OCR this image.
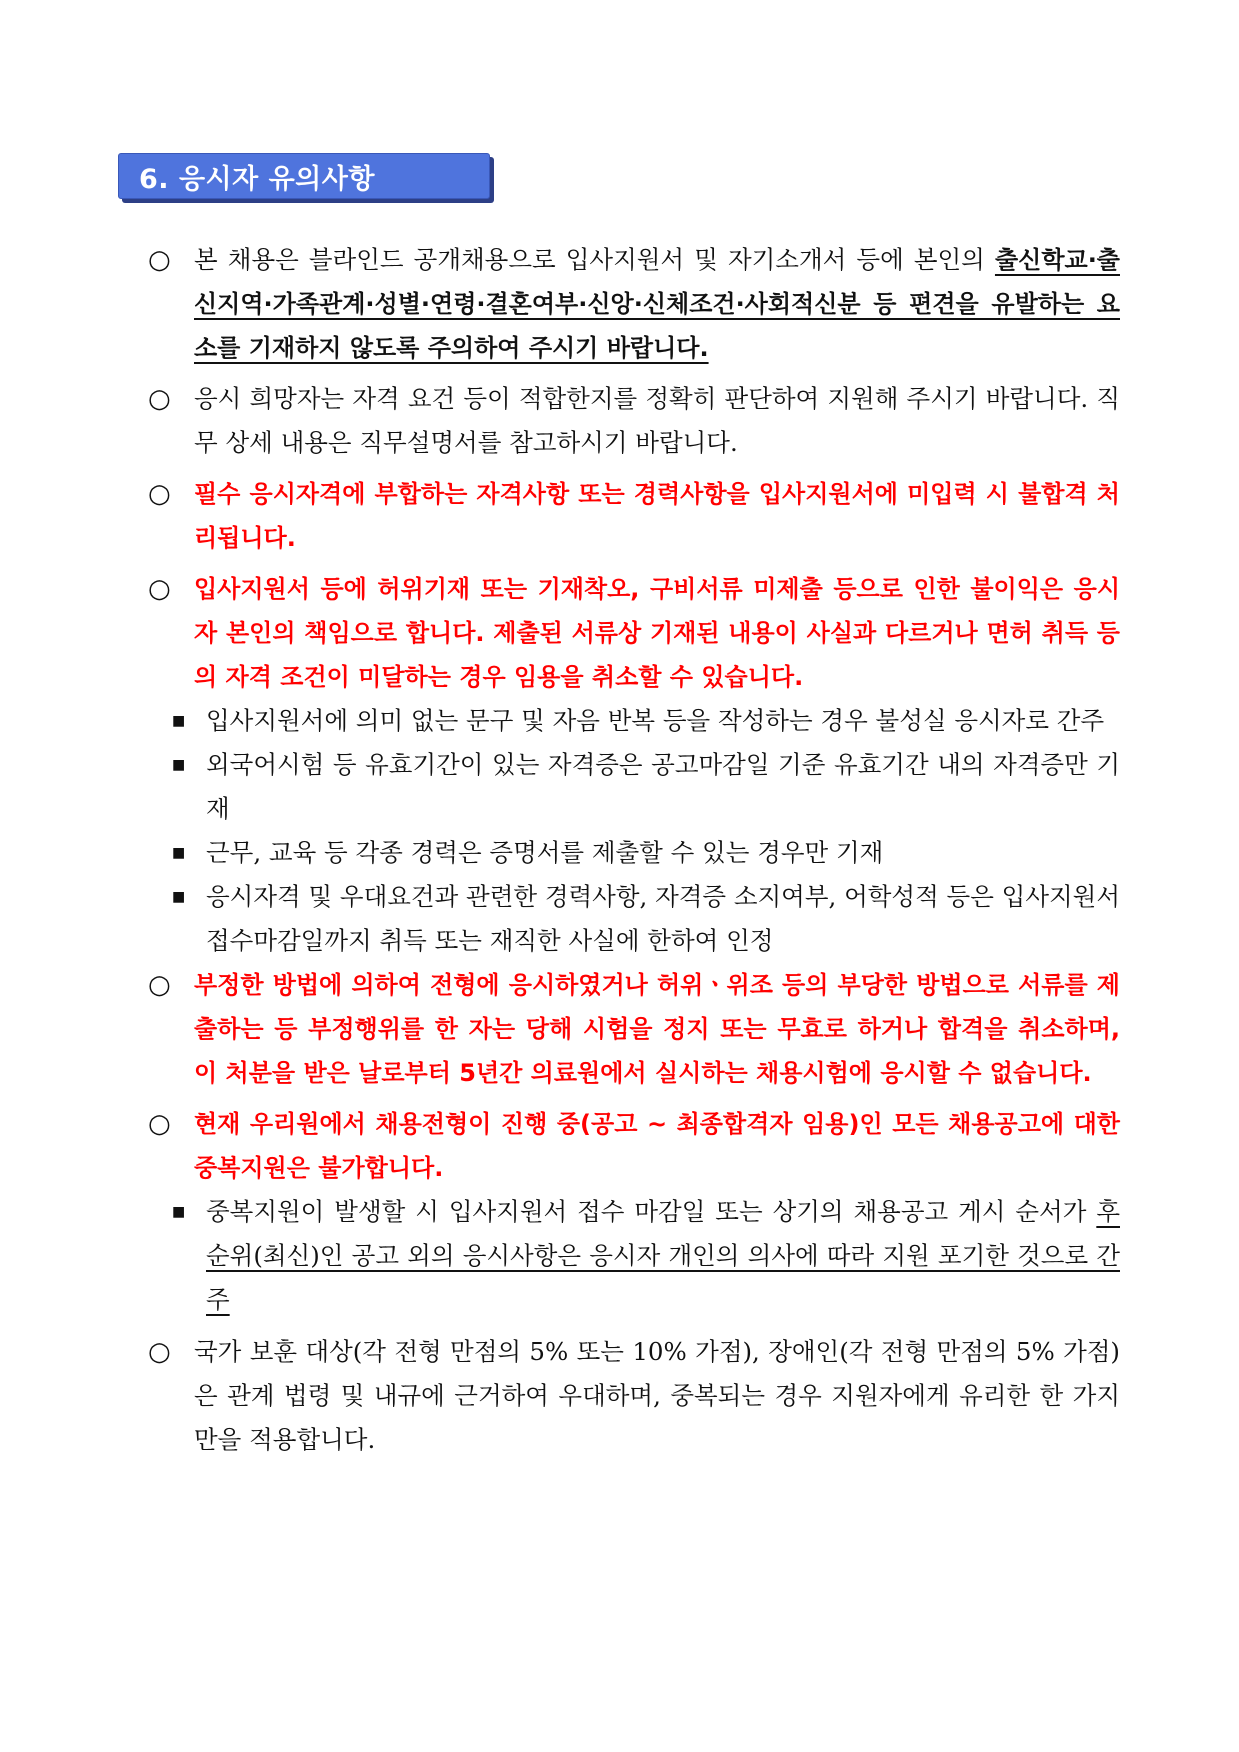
6. 응시자 유의사항
○ 본 채용은 블라인드 공개채용으로 입사지원서 및 자기소개서 등에 본인의 출신학교·출신지역·가족관계·성별·연령·결혼여부·신앙·신체조건·사회적신분 등 편견을 유발하는 요소를 기재하지 않도록 주의하여 주시기 바랍니다.
○ 응시 희망자는 자격 요건 등이 적합한지를 정확히 판단하여 지원해 주시기 바랍니다. 직무 상세 내용은 직무설명서를 참고하시기 바랍니다.
○ 필수 응시자격에 부합하는 자격사항 또는 경력사항을 입사지원서에 미입력 시 불합격 처리됩니다.
○ 입사지원서 등에 허위기재 또는 기재착오, 구비서류 미제출 등으로 인한 불이익은 응시자 본인의 책임으로 합니다. 제출된 서류상 기재된 내용이 사실과 다르거나 면허 취득 등의 자격 조건이 미달하는 경우 임용을 취소할 수 있습니다.
■ 입사지원서에 의미 없는 문구 및 자음 반복 등을 작성하는 경우 불성실 응시자로 간주
■ 외국어시험 등 유효기간이 있는 자격증은 공고마감일 기준 유효기간 내의 자격증만 기재
■ 근무, 교육 등 각종 경력은 증명서를 제출할 수 있는 경우만 기재
■ 응시자격 및 우대요건과 관련한 경력사항, 자격증 소지여부, 어학성적 등은 입사지원서 접수마감일까지 취득 또는 재직한 사실에 한하여 인정
○ 부정한 방법에 의하여 전형에 응시하였거나 허위ㆍ위조 등의 부당한 방법으로 서류를 제출하는 등 부정행위를 한 자는 당해 시험을 정지 또는 무효로 하거나 합격을 취소하며, 이 처분을 받은 날로부터 5년간 의료원에서 실시하는 채용시험에 응시할 수 없습니다.
○ 현재 우리원에서 채용전형이 진행 중(공고 ~ 최종합격자 임용)인 모든 채용공고에 대한 중복지원은 불가합니다.
■ 중복지원이 발생할 시 입사지원서 접수 마감일 또는 상기의 채용공고 게시 순서가 후순위(최신)인 공고 외의 응시사항은 응시자 개인의 의사에 따라 지원 포기한 것으로 간주
○ 국가 보훈 대상(각 전형 만점의 5% 또는 10% 가점), 장애인(각 전형 만점의 5% 가점)은 관계 법령 및 내규에 근거하여 우대하며, 중복되는 경우 지원자에게 유리한 한 가지만을 적용합니다.
